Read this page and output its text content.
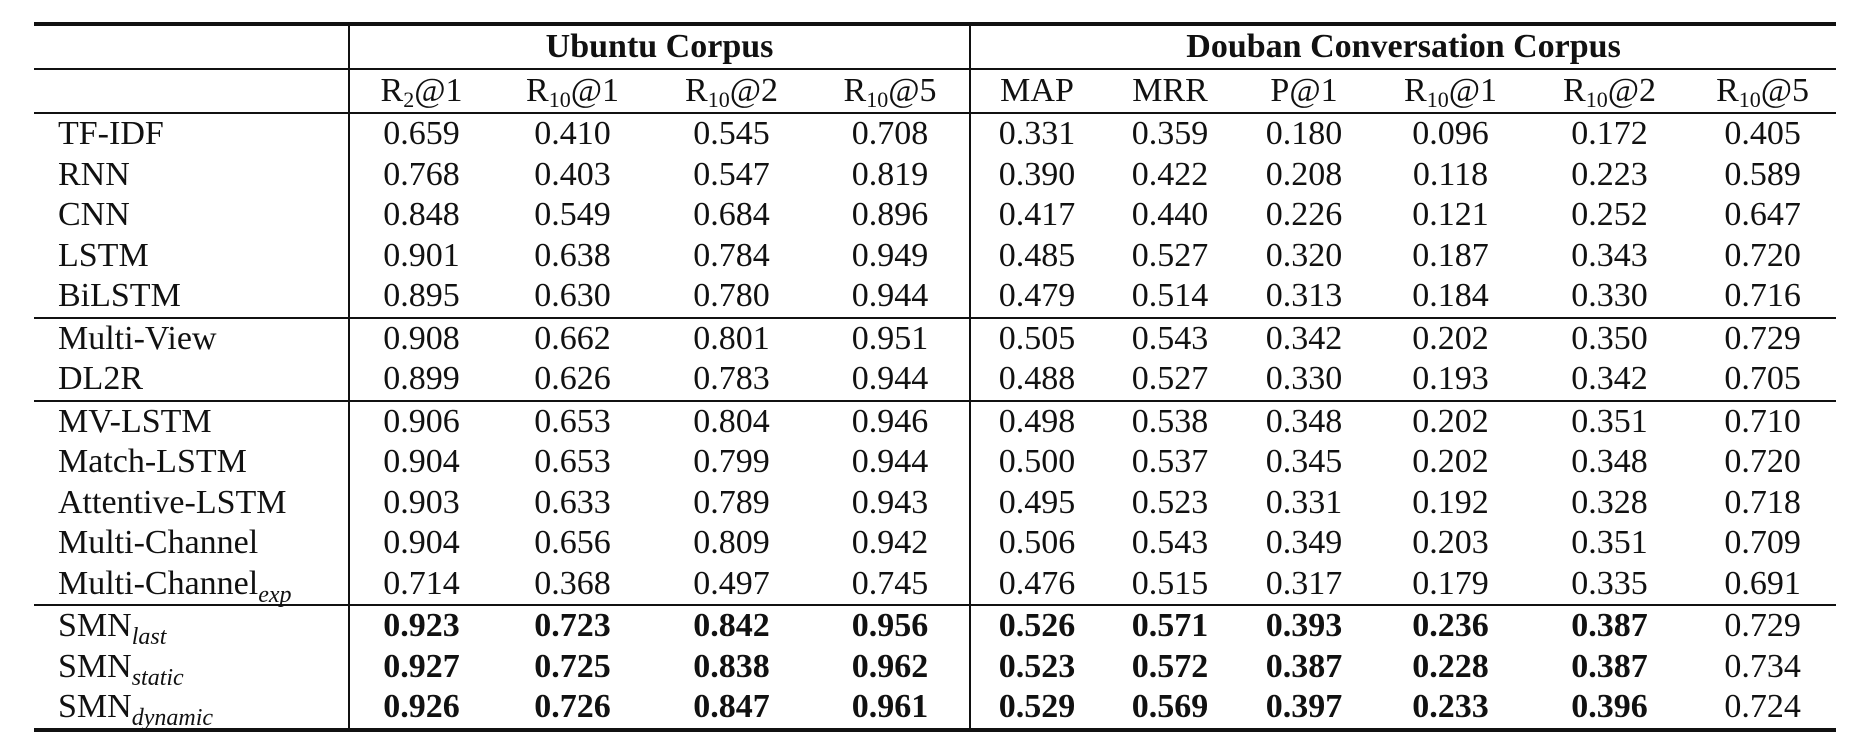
	Ubuntu Corpus				Douban Conversation Corpus					
	$R_2@1$	$R_{10}@1$	$R_{10}@2$	$R_{10}@5$	MAP	MRR	P@1	$R_{10}@1$	$R_{10}@2$	$R_{10}@5$
TF-IDF	0.659	0.410	0.545	0.708	0.331	0.359	0.180	0.096	0.172	0.405
RNN	0.768	0.403	0.547	0.819	0.390	0.422	0.208	0.118	0.223	0.589
CNN	0.848	0.549	0.684	0.896	0.417	0.440	0.226	0.121	0.252	0.647
LSTM	0.901	0.638	0.784	0.949	0.485	0.527	0.320	0.187	0.343	0.720
BiLSTM	0.895	0.630	0.780	0.944	0.479	0.514	0.313	0.184	0.330	0.716
Multi-View	0.908	0.662	0.801	0.951	0.505	0.543	0.342	0.202	0.350	0.729
DL2R	0.899	0.626	0.783	0.944	0.488	0.527	0.330	0.193	0.342	0.705
MV-LSTM	0.906	0.653	0.804	0.946	0.498	0.538	0.348	0.202	0.351	0.710
Match-LSTM	0.904	0.653	0.799	0.944	0.500	0.537	0.345	0.202	0.348	0.720
Attentive-LSTM	0.903	0.633	0.789	0.943	0.495	0.523	0.331	0.192	0.328	0.718
Multi-Channel	0.904	0.656	0.809	0.942	0.506	0.543	0.349	0.203	0.351	0.709
Multi-Channel$_{exp}$	0.714	0.368	0.497	0.745	0.476	0.515	0.317	0.179	0.335	0.691
$SMN_{last}$	0.923	0.723	0.842	0.956	0.526	0.571	0.393	0.236	0.387	0.729
$SMN_{static}$	0.927	0.725	0.838	0.962	0.523	0.572	0.387	0.228	0.387	0.734
$SMN_{dynamic}$	0.926	0.726	0.847	0.961	0.529	0.569	0.397	0.233	0.396	0.724
